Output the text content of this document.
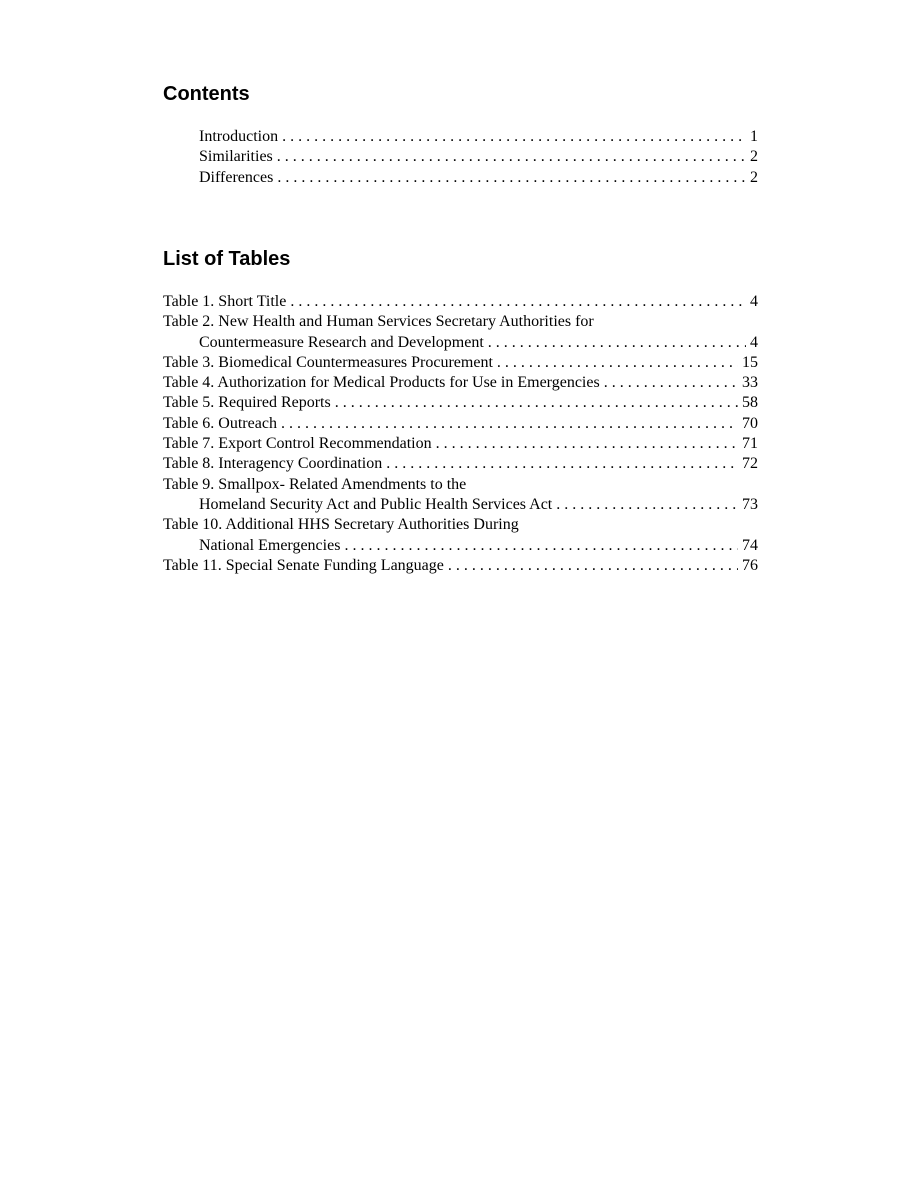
Contents
Introduction . . .	1
Similarities . . .	2
Differences . . .	2
List of Tables
Table 1. Short Title . . .	4
Table 2. New Health and Human Services Secretary Authorities for
Countermeasure Research and Development . . .	4
Table 3. Biomedical Countermeasures Procurement . . .	15
Table 4. Authorization for Medical Products for Use in Emergencies . . .	33
Table 5. Required Reports . . .	58
Table 6. Outreach . . .	70
Table 7. Export Control Recommendation . . .	71
Table 8. Interagency Coordination . . .	72
Table 9. Smallpox- Related Amendments to the
Homeland Security Act and Public Health Services Act . . .	73
Table 10. Additional HHS Secretary Authorities During
National Emergencies . . .	74
Table 11. Special Senate Funding Language . . .	76
